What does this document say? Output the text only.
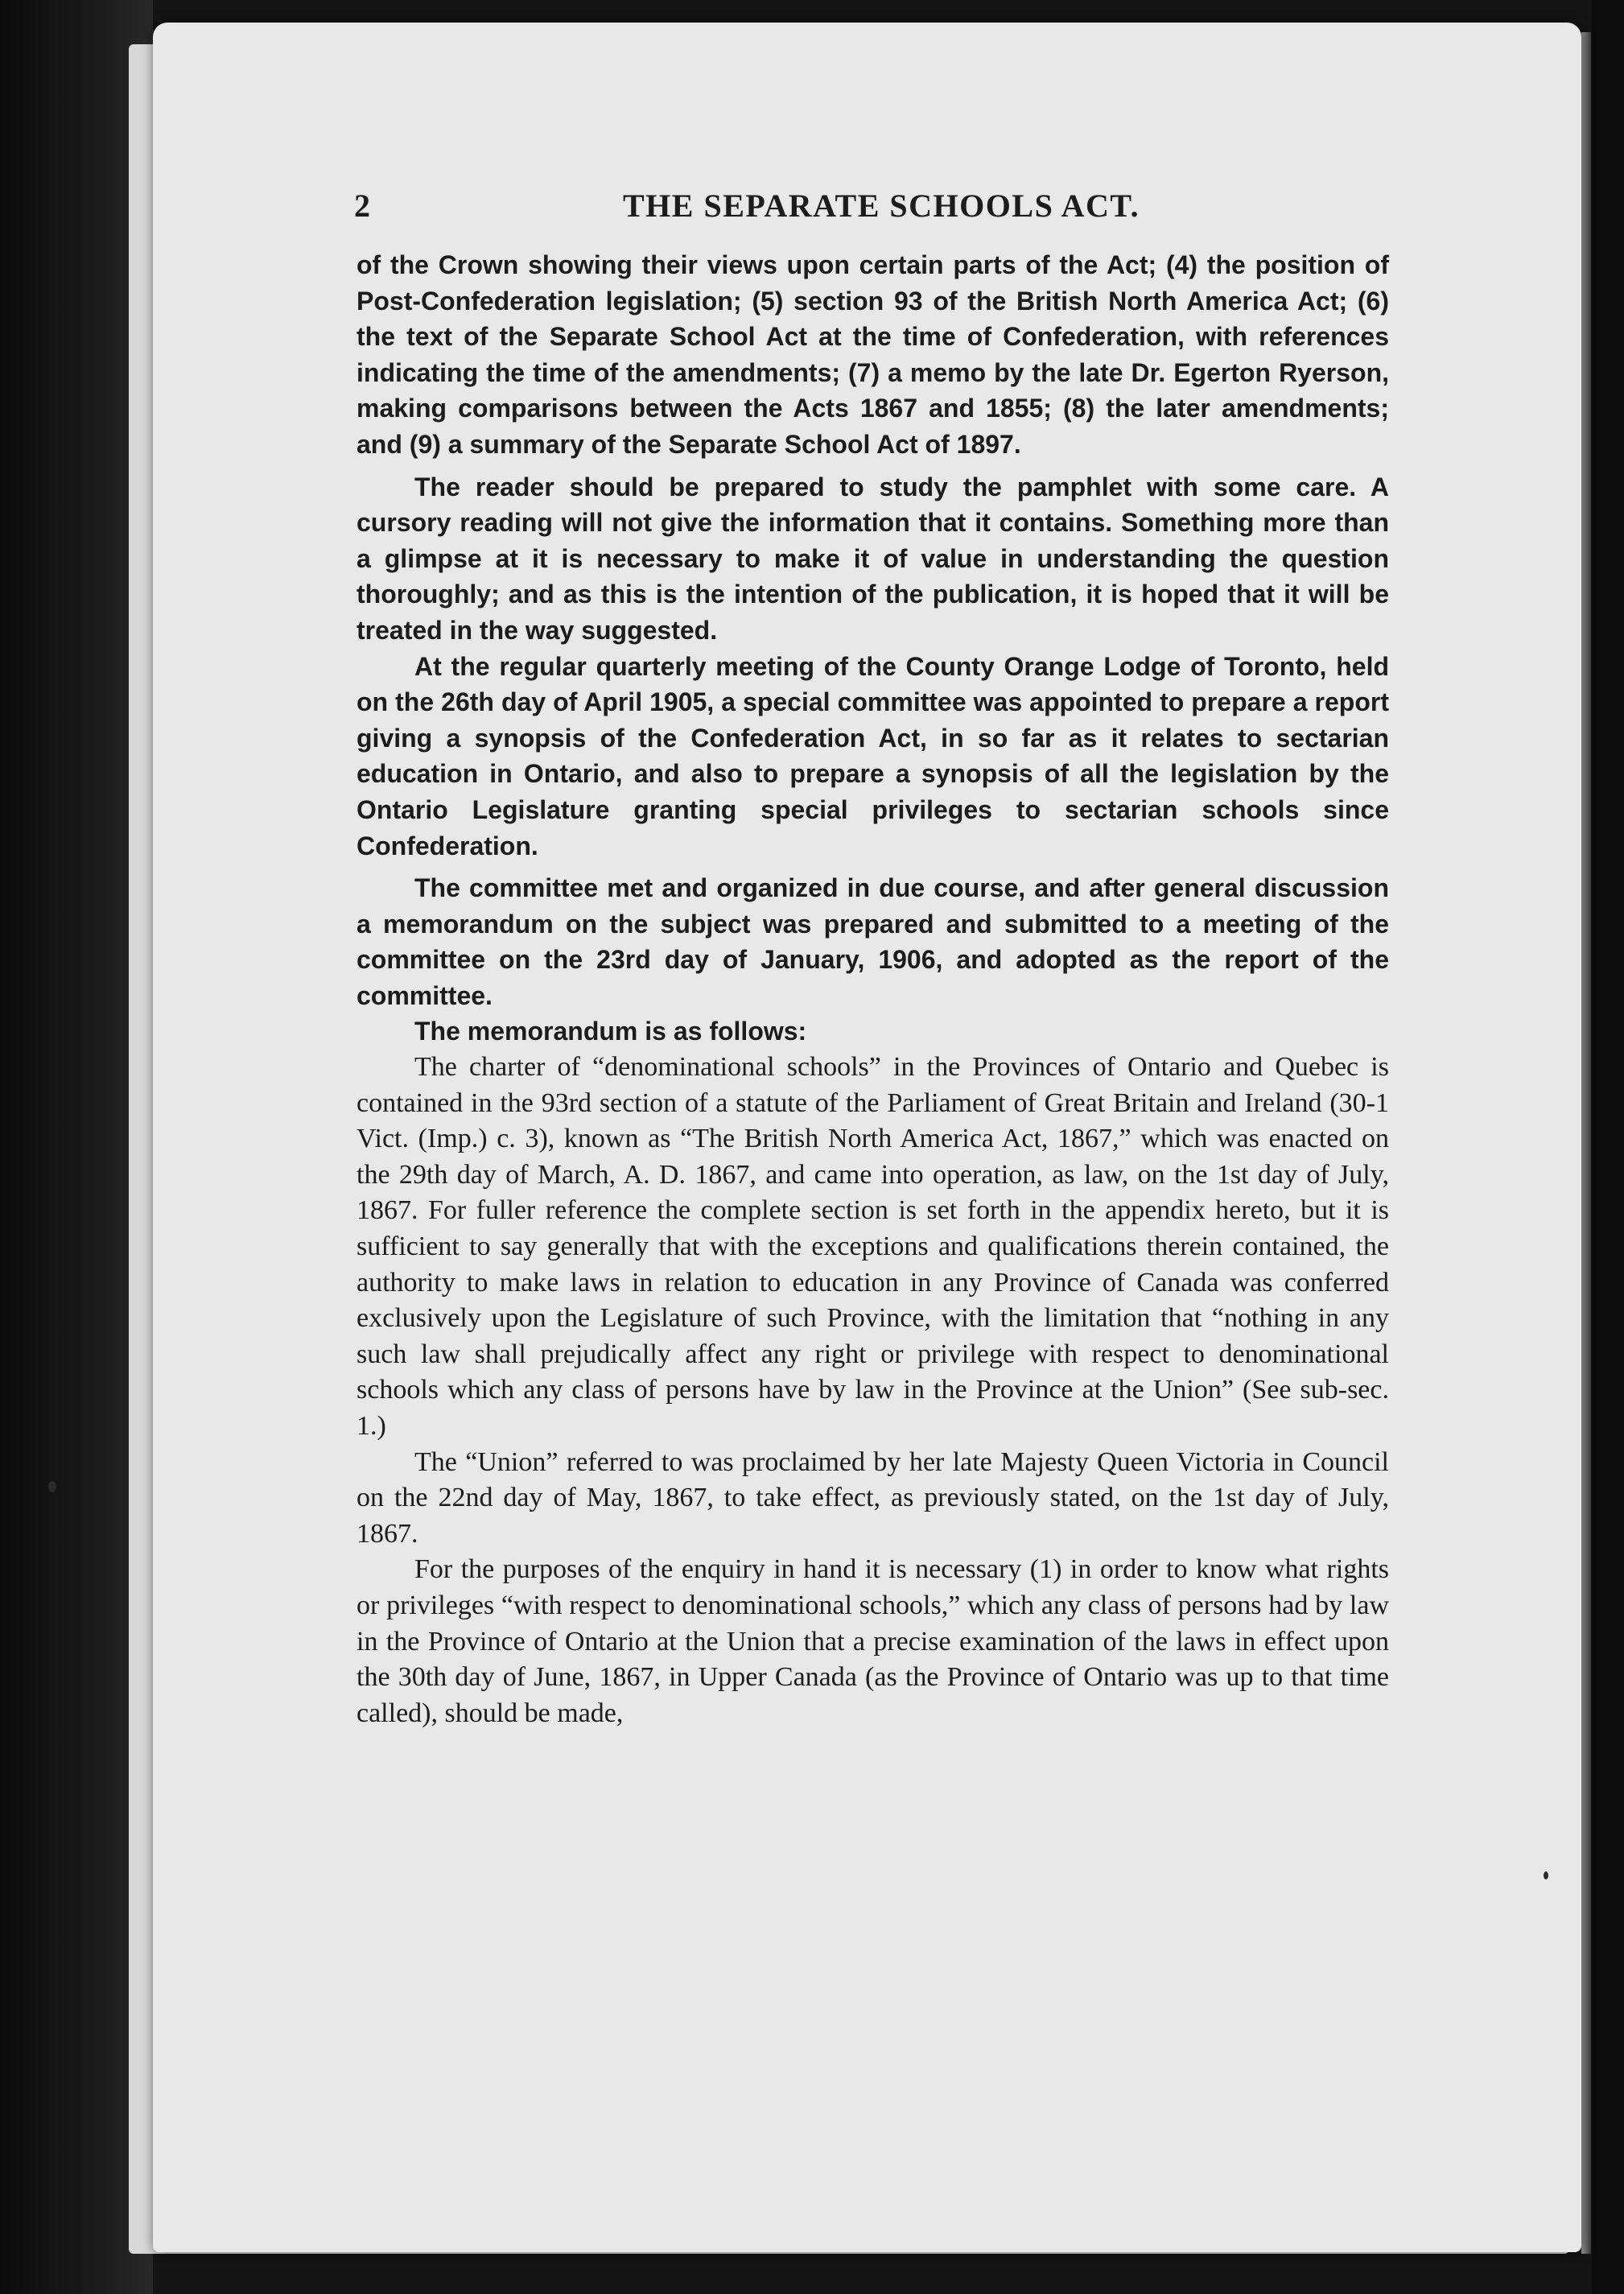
2	THE SEPARATE SCHOOLS ACT.

of the Crown showing their views upon certain parts of the Act; (4) the position of Post-Confederation legislation; (5) section 93 of the British North America Act; (6) the text of the Separate School Act at the time of Confederation, with references indicating the time of the amendments; (7) a memo by the late Dr. Egerton Ryerson, making comparisons between the Acts 1867 and 1855; (8) the later amendments; and (9) a summary of the Separate School Act of 1897.

The reader should be prepared to study the pamphlet with some care. A cursory reading will not give the information that it contains. Something more than a glimpse at it is necessary to make it of value in understanding the question thoroughly; and as this is the intention of the publication, it is hoped that it will be treated in the way suggested.

At the regular quarterly meeting of the County Orange Lodge of Toronto, held on the 26th day of April 1905, a special committee was appointed to prepare a report giving a synopsis of the Confederation Act, in so far as it relates to sectarian education in Ontario, and also to prepare a synopsis of all the legislation by the Ontario Legislature granting special privileges to sectarian schools since Confederation.

The committee met and organized in due course, and after general discussion a memorandum on the subject was prepared and submitted to a meeting of the committee on the 23rd day of January, 1906, and adopted as the report of the committee.

The memorandum is as follows:

The charter of “denominational schools” in the Provinces of Ontario and Quebec is contained in the 93rd section of a statute of the Parliament of Great Britain and Ireland (30-1 Vict. (Imp.) c. 3), known as “The British North America Act, 1867,” which was enacted on the 29th day of March, A. D. 1867, and came into operation, as law, on the 1st day of July, 1867. For fuller reference the complete section is set forth in the appendix hereto, but it is sufficient to say generally that with the exceptions and qualifications therein contained, the authority to make laws in relation to education in any Province of Canada was conferred exclusively upon the Legislature of such Province, with the limitation that “nothing in any such law shall prejudically affect any right or privilege with respect to denominational schools which any class of persons have by law in the Province at the Union” (See sub-sec. 1.)

The “Union” referred to was proclaimed by her late Majesty Queen Victoria in Council on the 22nd day of May, 1867, to take effect, as previously stated, on the 1st day of July, 1867.

For the purposes of the enquiry in hand it is necessary (1) in order to know what rights or privileges “with respect to denominational schools,” which any class of persons had by law in the Province of Ontario at the Union that a precise examination of the laws in effect upon the 30th day of June, 1867, in Upper Canada (as the Province of Ontario was up to that time called), should be made,
